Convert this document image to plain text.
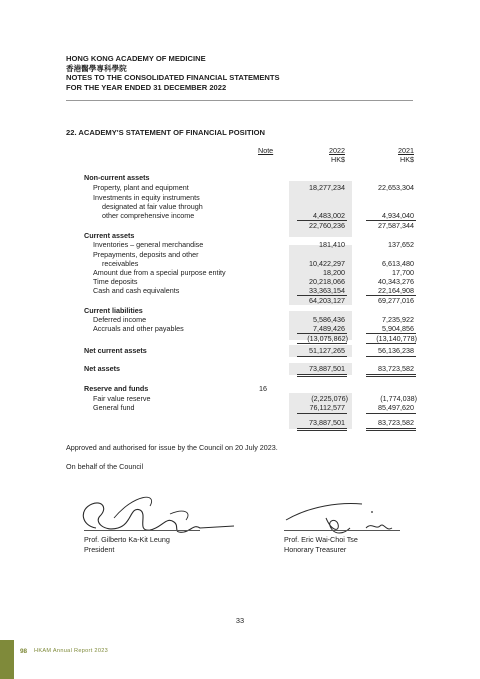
HONG KONG ACADEMY OF MEDICINE
香港醫學專科學院
NOTES TO THE CONSOLIDATED FINANCIAL STATEMENTS
FOR THE YEAR ENDED 31 DECEMBER 2022
22. ACADEMY'S STATEMENT OF FINANCIAL POSITION
Note	2022	2021
HK$	HK$
Non-current assets
Property, plant and equipment	18,277,234	22,653,304
Investments in equity instruments
designated at fair value through
other comprehensive income	4,483,002	4,934,040
22,760,236	27,587,344
Current assets
Inventories – general merchandise	181,410	137,652
Prepayments, deposits and other
receivables	10,422,297	6,613,480
Amount due from a special purpose entity	18,200	17,700
Time deposits	20,218,066	40,343,276
Cash and cash equivalents	33,363,154	22,164,908
64,203,127	69,277,016
Current liabilities
Deferred income	5,586,436	7,235,922
Accruals and other payables	7,489,426	5,904,856
(13,075,862)	(13,140,778)
Net current assets	51,127,265	56,136,238
Net assets	73,887,501	83,723,582
Reserve and funds	16
Fair value reserve	(2,225,076)	(1,774,038)
General fund	76,112,577	85,497,620
73,887,501	83,723,582
Approved and authorised for issue by the Council on 20 July 2023.
On behalf of the Council
Prof. Gilberto Ka-Kit Leung
President
Prof. Eric Wai-Choi Tse
Honorary Treasurer
33
98 HKAM Annual Report 2023
